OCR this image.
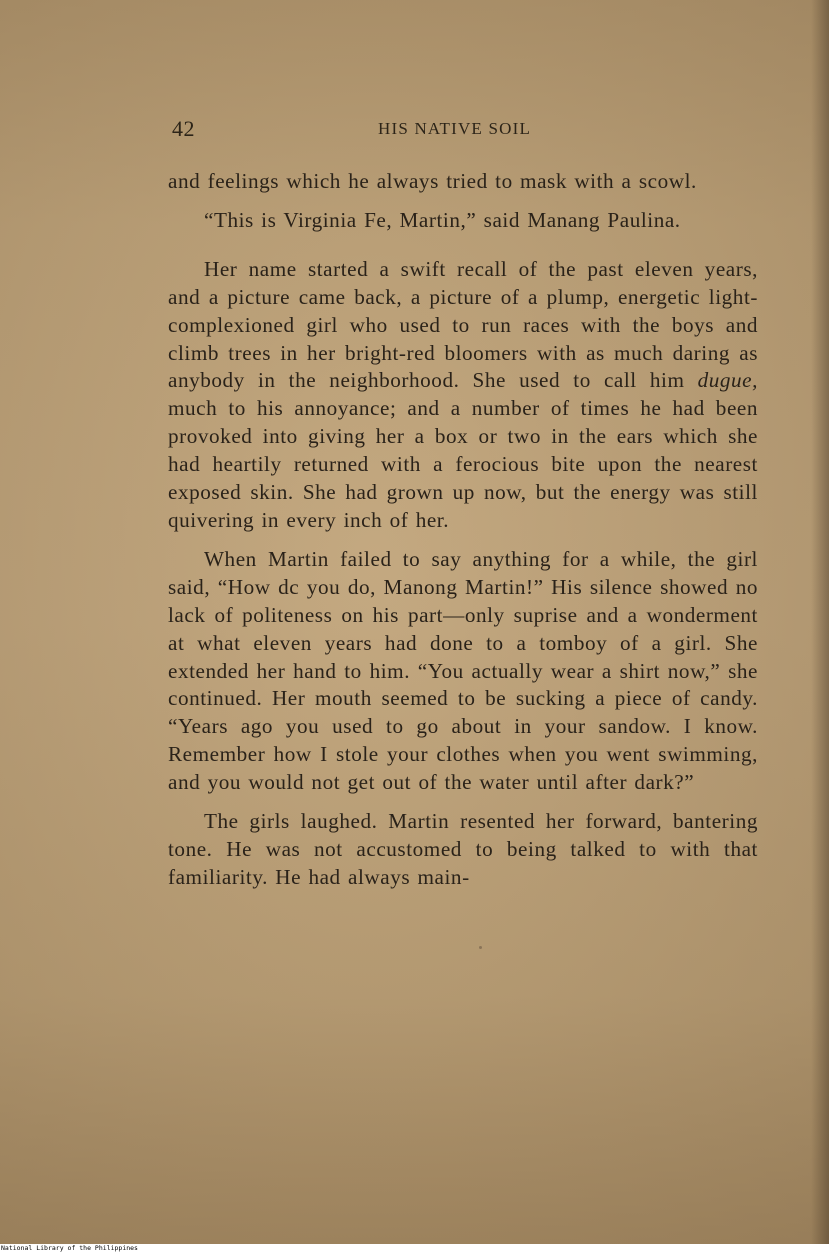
42	HIS NATIVE SOIL

and feelings which he always tried to mask with a scowl.

“This is Virginia Fe, Martin,” said Manang Paulina.

Her name started a swift recall of the past eleven years, and a picture came back, a picture of a plump, energetic light-complexioned girl who used to run races with the boys and climb trees in her bright-red bloomers with as much daring as anybody in the neighborhood. She used to call him dugue, much to his annoyance; and a number of times he had been provoked into giving her a box or two in the ears which she had heartily returned with a ferocious bite upon the nearest exposed skin. She had grown up now, but the energy was still quivering in every inch of her.

When Martin failed to say anything for a while, the girl said, “How dc you do, Manong Martin!” His silence showed no lack of politeness on his part—only suprise and a wonderment at what eleven years had done to a tomboy of a girl. She extended her hand to him. “You actually wear a shirt now,” she continued. Her mouth seemed to be sucking a piece of candy. “Years ago you used to go about in your sandow. I know. Remember how I stole your clothes when you went swimming, and you would not get out of the water until after dark?”

The girls laughed. Martin resented her forward, bantering tone. He was not accustomed to being talked to with that familiarity. He had always main-

National Library of the Philippines
